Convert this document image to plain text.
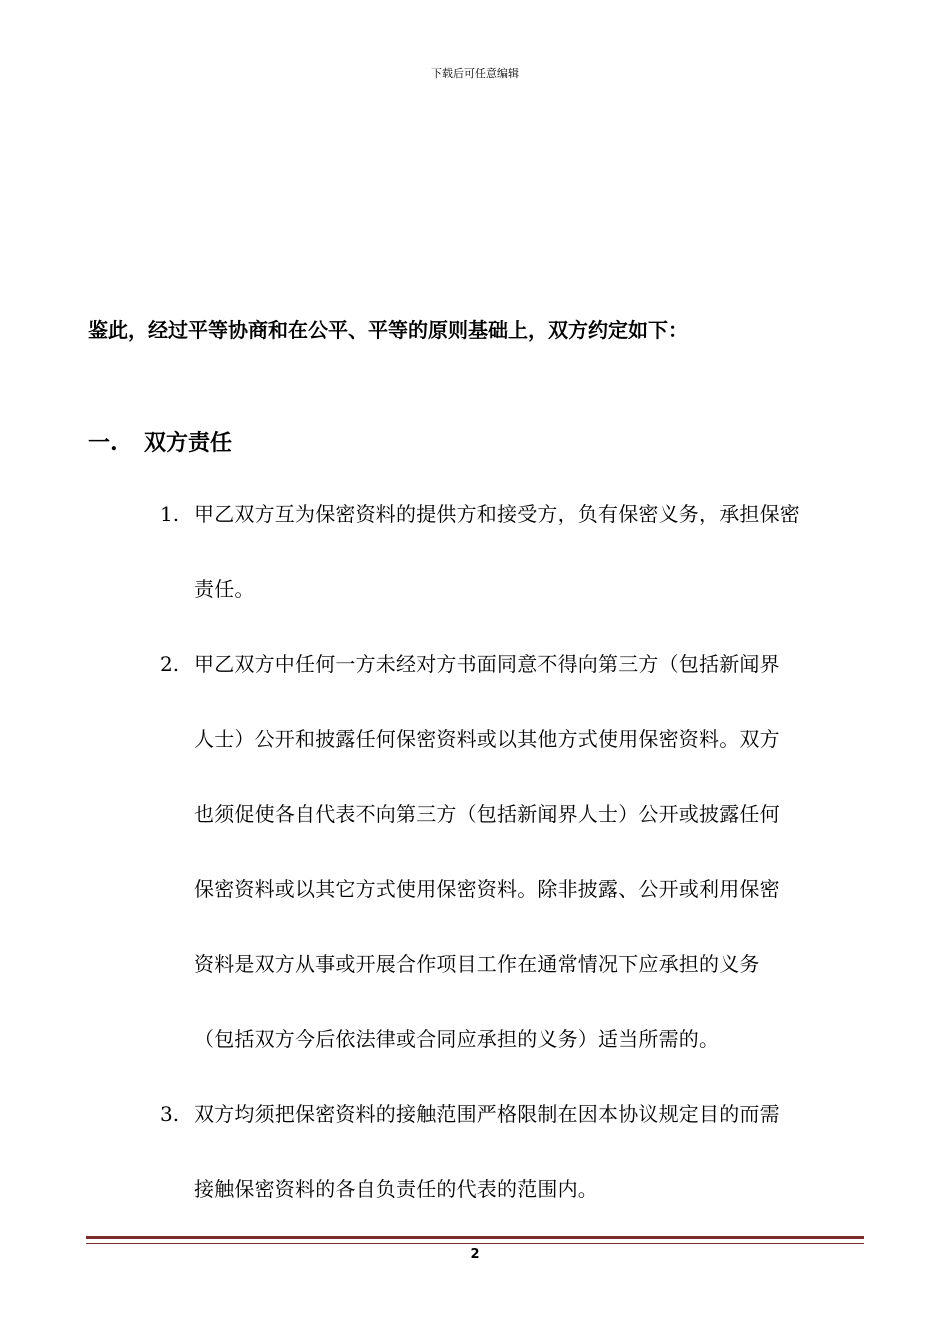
下载后可任意编辑
鉴此，经过平等协商和在公平、平等的原则基础上，双方约定如下：
一. 双方责任
1. 甲乙双方互为保密资料的提供方和接受方，负有保密义务，承担保密
责任。
2. 甲乙双方中任何一方未经对方书面同意不得向第三方（包括新闻界
人士）公开和披露任何保密资料或以其他方式使用保密资料。双方
也须促使各自代表不向第三方（包括新闻界人士）公开或披露任何
保密资料或以其它方式使用保密资料。除非披露、公开或利用保密
资料是双方从事或开展合作项目工作在通常情况下应承担的义务
（包括双方今后依法律或合同应承担的义务）适当所需的。
3. 双方均须把保密资料的接触范围严格限制在因本协议规定目的而需
接触保密资料的各自负责任的代表的范围内。
2
